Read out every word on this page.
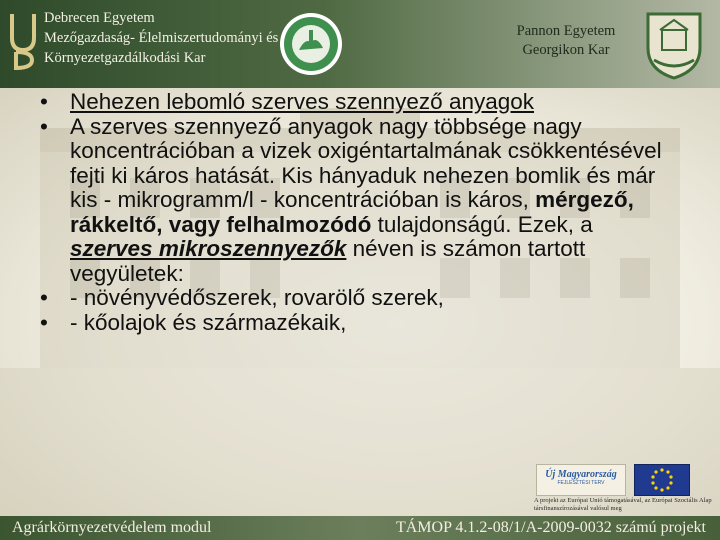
Debrecen Egyetem
Mezőgazdaság- Élelmiszertudományi és
Környezetgazdálkodási Kar
Pannon Egyetem
Georgikon Kar
• Nehezen lebomló szerves szennyező anyagok
• A szerves szennyező anyagok nagy többsége nagy koncentrációban a vizek oxigéntartalmának csökkentésével fejti ki káros hatását. Kis hányaduk nehezen bomlik és már kis - mikrogramm/l - koncentrációban is káros, mérgező, rákkeltő, vagy felhalmozódó tulajdonságú. Ezek, a szerves mikroszennyezők néven is számon tartott vegyületek:
• - növényvédőszerek, rovarölő szerek,
• - kőolajok és származékaik,
Új Magyarország
FEJLESZTÉSI TERV
A projekt az Európai Unió támogatásával, az Európai Szociális Alap társfinanszírozásával valósul meg
Agrárkörnyezetvédelem modul	TÁMOP 4.1.2-08/1/A-2009-0032 számú projekt
